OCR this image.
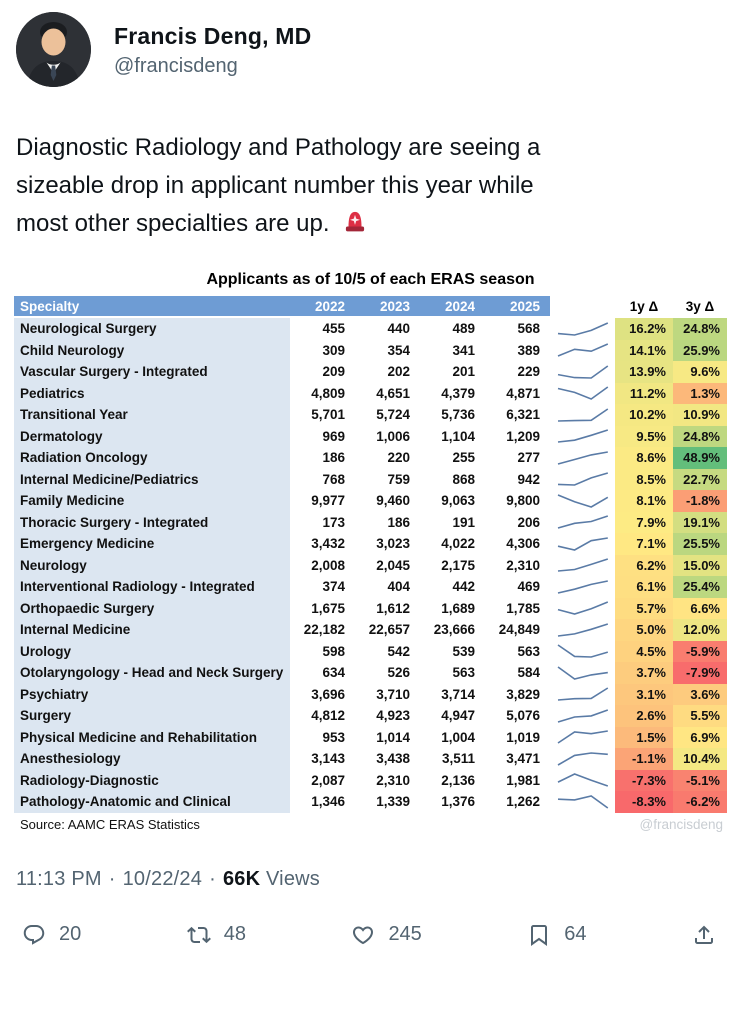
Francis Deng, MD
@francisdeng
Diagnostic Radiology and Pathology are seeing a
sizeable drop in applicant number this year while
most other specialties are up.
Applicants as of 10/5 of each ERAS season
Specialty	2022	2023	2024	2025	1y Δ	3y Δ
Neurological Surgery	455	440	489	568	16.2%	24.8%
Child Neurology	309	354	341	389	14.1%	25.9%
Vascular Surgery - Integrated	209	202	201	229	13.9%	9.6%
Pediatrics	4,809	4,651	4,379	4,871	11.2%	1.3%
Transitional Year	5,701	5,724	5,736	6,321	10.2%	10.9%
Dermatology	969	1,006	1,104	1,209	9.5%	24.8%
Radiation Oncology	186	220	255	277	8.6%	48.9%
Internal Medicine/Pediatrics	768	759	868	942	8.5%	22.7%
Family Medicine	9,977	9,460	9,063	9,800	8.1%	-1.8%
Thoracic Surgery - Integrated	173	186	191	206	7.9%	19.1%
Emergency Medicine	3,432	3,023	4,022	4,306	7.1%	25.5%
Neurology	2,008	2,045	2,175	2,310	6.2%	15.0%
Interventional Radiology - Integrated	374	404	442	469	6.1%	25.4%
Orthopaedic Surgery	1,675	1,612	1,689	1,785	5.7%	6.6%
Internal Medicine	22,182	22,657	23,666	24,849	5.0%	12.0%
Urology	598	542	539	563	4.5%	-5.9%
Otolaryngology - Head and Neck Surgery	634	526	563	584	3.7%	-7.9%
Psychiatry	3,696	3,710	3,714	3,829	3.1%	3.6%
Surgery	4,812	4,923	4,947	5,076	2.6%	5.5%
Physical Medicine and Rehabilitation	953	1,014	1,004	1,019	1.5%	6.9%
Anesthesiology	3,143	3,438	3,511	3,471	-1.1%	10.4%
Radiology-Diagnostic	2,087	2,310	2,136	1,981	-7.3%	-5.1%
Pathology-Anatomic and Clinical	1,346	1,339	1,376	1,262	-8.3%	-6.2%
Source: AAMC ERAS Statistics	@francisdeng
11:13 PM · 10/22/24 · 66K Views
20	48	245	64
